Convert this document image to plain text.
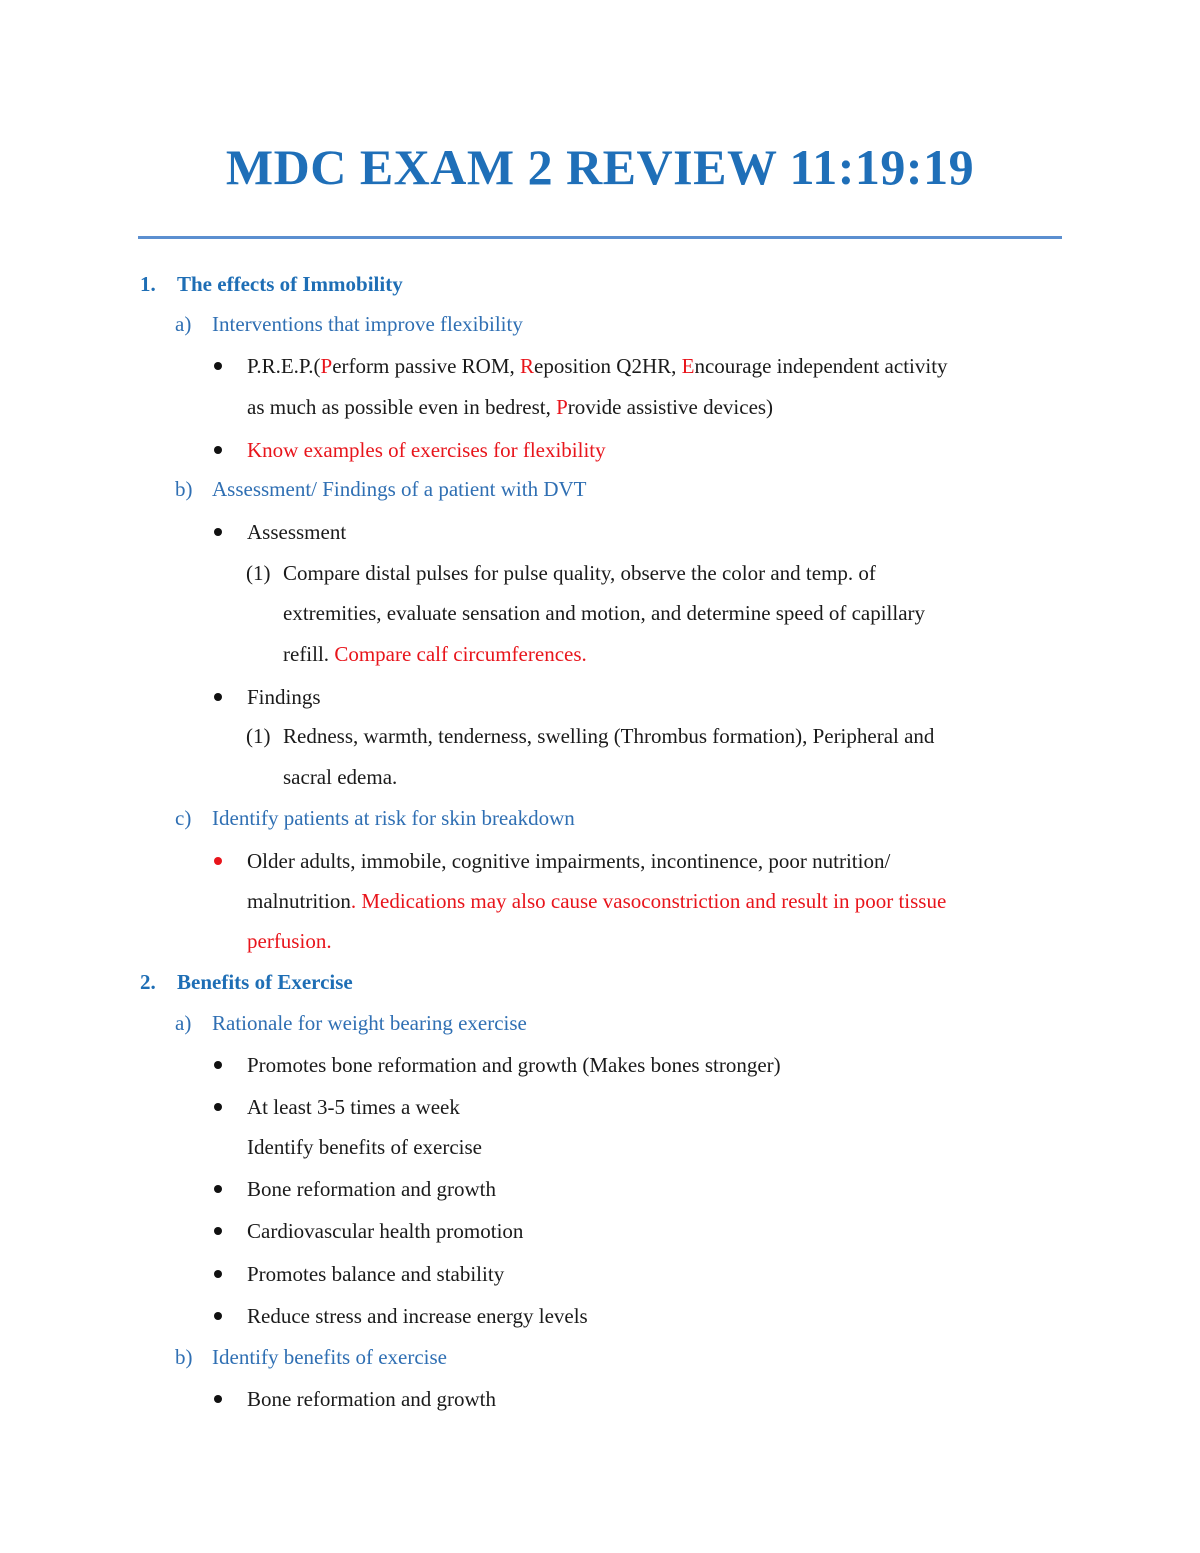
MDC EXAM 2 REVIEW 11:19:19
1. The effects of Immobility
a) Interventions that improve flexibility
P.R.E.P.(Perform passive ROM, Reposition Q2HR, Encourage independent activity
as much as possible even in bedrest, Provide assistive devices)
Know examples of exercises for flexibility
b) Assessment/ Findings of a patient with DVT
Assessment
(1) Compare distal pulses for pulse quality, observe the color and temp. of
extremities, evaluate sensation and motion, and determine speed of capillary
refill. Compare calf circumferences.
Findings
(1) Redness, warmth, tenderness, swelling (Thrombus formation), Peripheral and
sacral edema.
c) Identify patients at risk for skin breakdown
Older adults, immobile, cognitive impairments, incontinence, poor nutrition/
malnutrition. Medications may also cause vasoconstriction and result in poor tissue
perfusion.
2. Benefits of Exercise
a) Rationale for weight bearing exercise
Promotes bone reformation and growth (Makes bones stronger)
At least 3-5 times a week
Identify benefits of exercise
Bone reformation and growth
Cardiovascular health promotion
Promotes balance and stability
Reduce stress and increase energy levels
b) Identify benefits of exercise
Bone reformation and growth
